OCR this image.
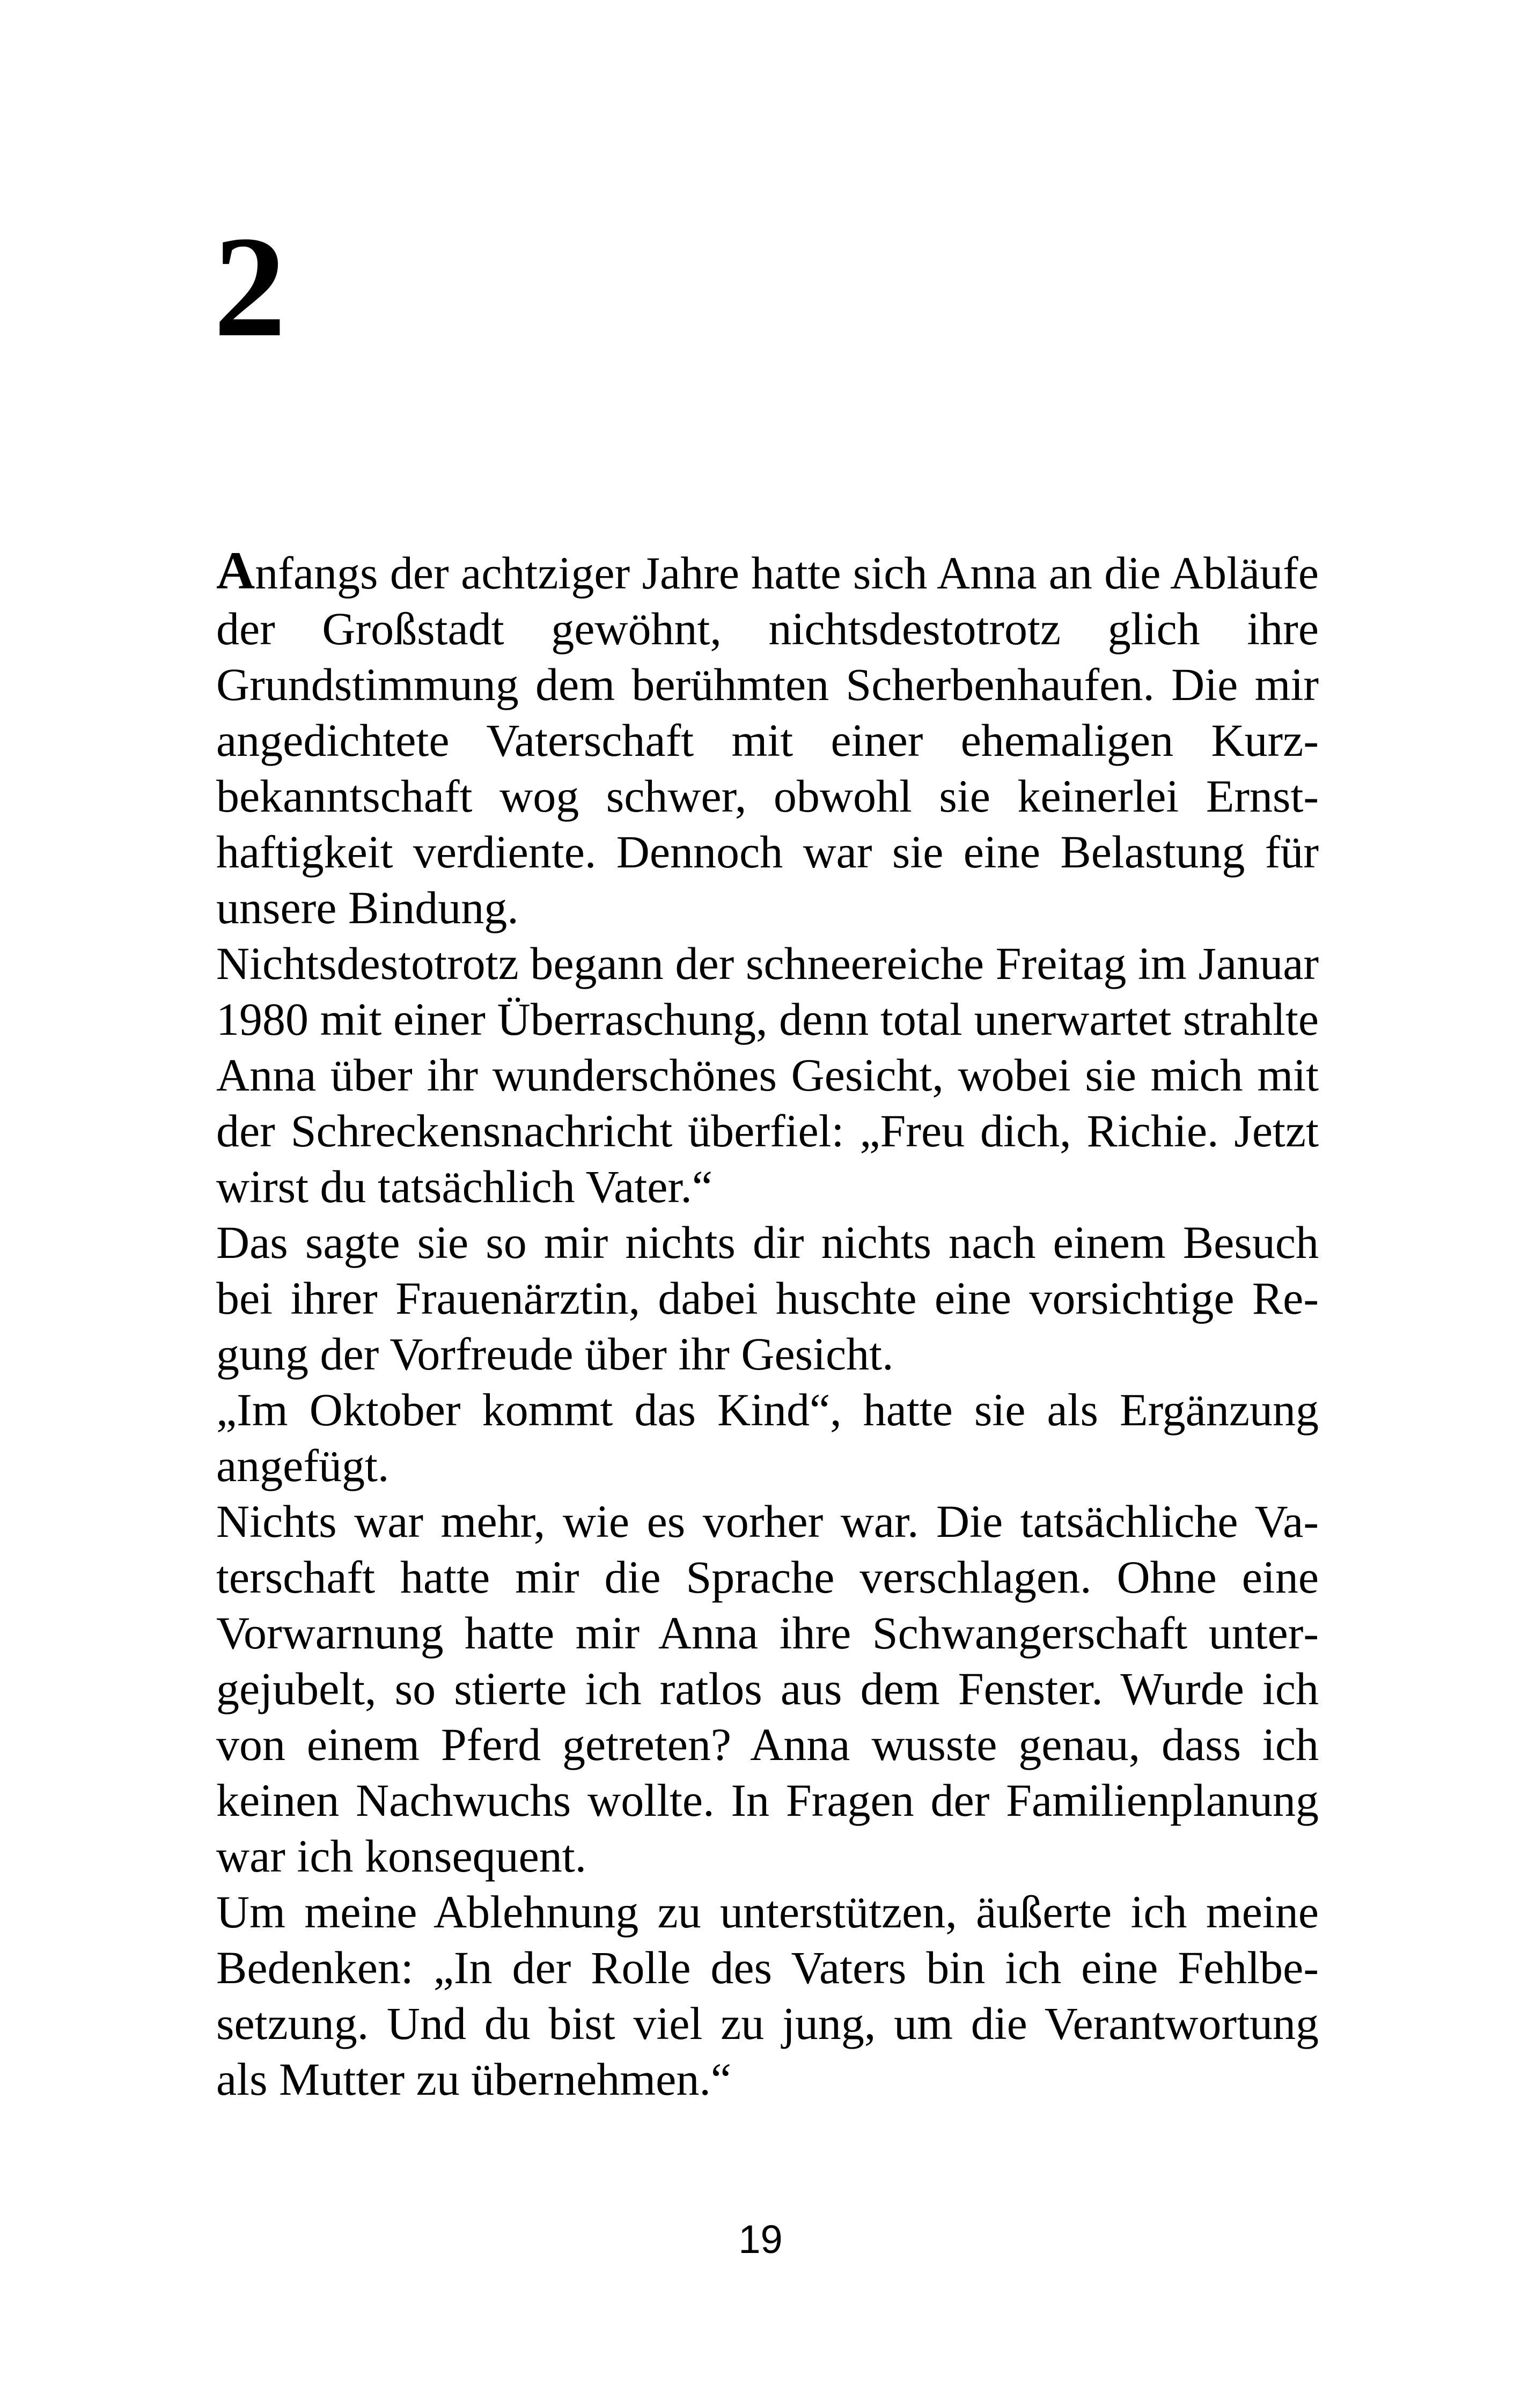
2

Anfangs der achtziger Jahre hatte sich Anna an die Abläufe der Großstadt gewöhnt, nichtsdestotrotz glich ihre Grundstimmung dem berühmten Scherbenhaufen. Die mir angedichtete Vaterschaft mit einer ehemaligen Kurzbekanntschaft wog schwer, obwohl sie keinerlei Ernsthaftigkeit verdiente. Dennoch war sie eine Belastung für unsere Bindung.

Nichtsdestotrotz begann der schneereiche Freitag im Januar 1980 mit einer Überraschung, denn total unerwartet strahlte Anna über ihr wunderschönes Gesicht, wobei sie mich mit der Schreckensnachricht überfiel: „Freu dich, Richie. Jetzt wirst du tatsächlich Vater.“

Das sagte sie so mir nichts dir nichts nach einem Besuch bei ihrer Frauenärztin, dabei huschte eine vorsichtige Regung der Vorfreude über ihr Gesicht.

„Im Oktober kommt das Kind“, hatte sie als Ergänzung angefügt.

Nichts war mehr, wie es vorher war. Die tatsächliche Vaterschaft hatte mir die Sprache verschlagen. Ohne eine Vorwarnung hatte mir Anna ihre Schwangerschaft untergejubelt, so stierte ich ratlos aus dem Fenster. Wurde ich von einem Pferd getreten? Anna wusste genau, dass ich keinen Nachwuchs wollte. In Fragen der Familienplanung war ich konsequent.

Um meine Ablehnung zu unterstützen, äußerte ich meine Bedenken: „In der Rolle des Vaters bin ich eine Fehlbesetzung. Und du bist viel zu jung, um die Verantwortung als Mutter zu übernehmen.“

19
